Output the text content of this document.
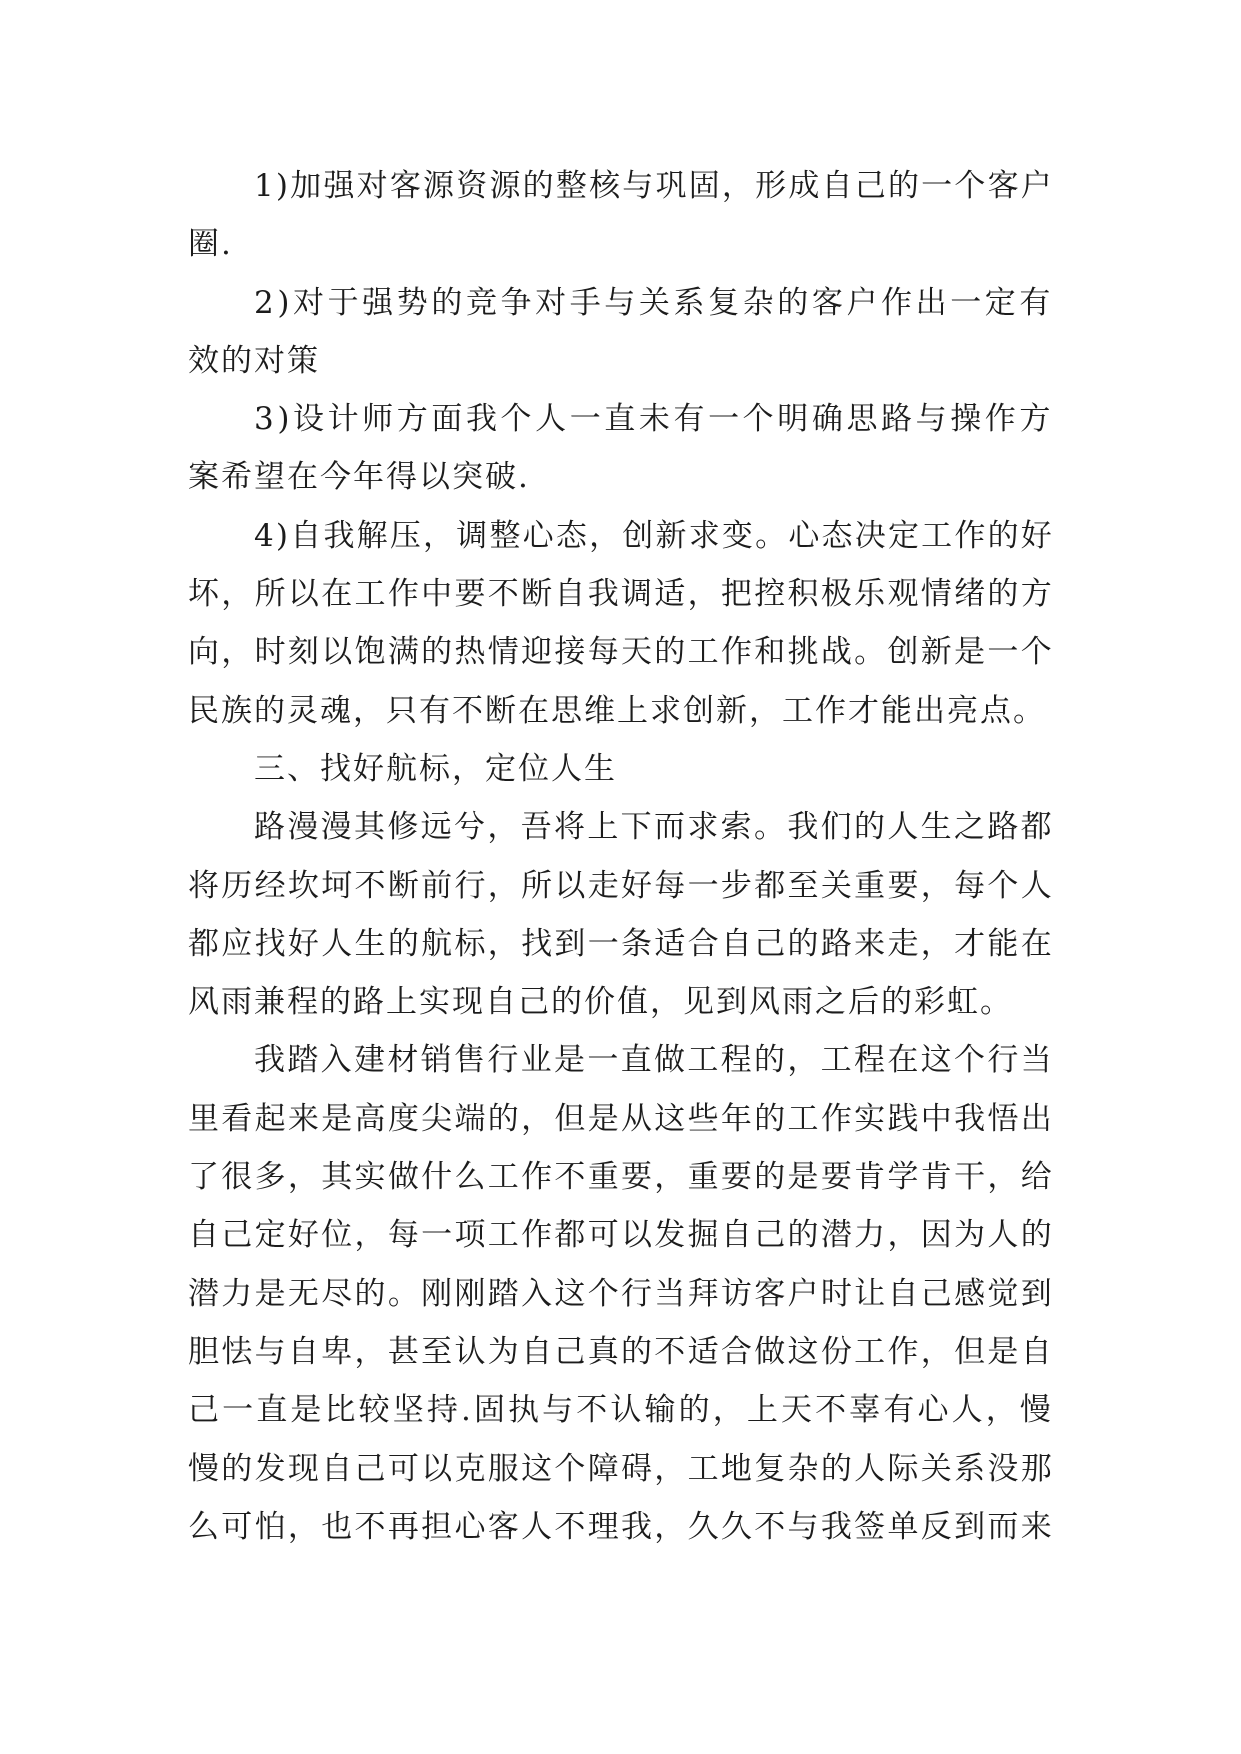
1)加强对客源资源的整核与巩固，形成自己的一个客户
圈.
2)对于强势的竞争对手与关系复杂的客户作出一定有
效的对策
3)设计师方面我个人一直未有一个明确思路与操作方
案希望在今年得以突破.
4)自我解压，调整心态，创新求变。心态决定工作的好
坏，所以在工作中要不断自我调适，把控积极乐观情绪的方
向，时刻以饱满的热情迎接每天的工作和挑战。创新是一个
民族的灵魂，只有不断在思维上求创新，工作才能出亮点。
三、找好航标，定位人生
路漫漫其修远兮，吾将上下而求索。我们的人生之路都
将历经坎坷不断前行，所以走好每一步都至关重要，每个人
都应找好人生的航标，找到一条适合自己的路来走，才能在
风雨兼程的路上实现自己的价值，见到风雨之后的彩虹。
我踏入建材销售行业是一直做工程的，工程在这个行当
里看起来是高度尖端的，但是从这些年的工作实践中我悟出
了很多，其实做什么工作不重要，重要的是要肯学肯干，给
自己定好位，每一项工作都可以发掘自己的潜力，因为人的
潜力是无尽的。刚刚踏入这个行当拜访客户时让自己感觉到
胆怯与自卑，甚至认为自己真的不适合做这份工作，但是自
己一直是比较坚持.固执与不认输的，上天不辜有心人，慢
慢的发现自己可以克服这个障碍，工地复杂的人际关系没那
么可怕，也不再担心客人不理我，久久不与我签单反到而来
